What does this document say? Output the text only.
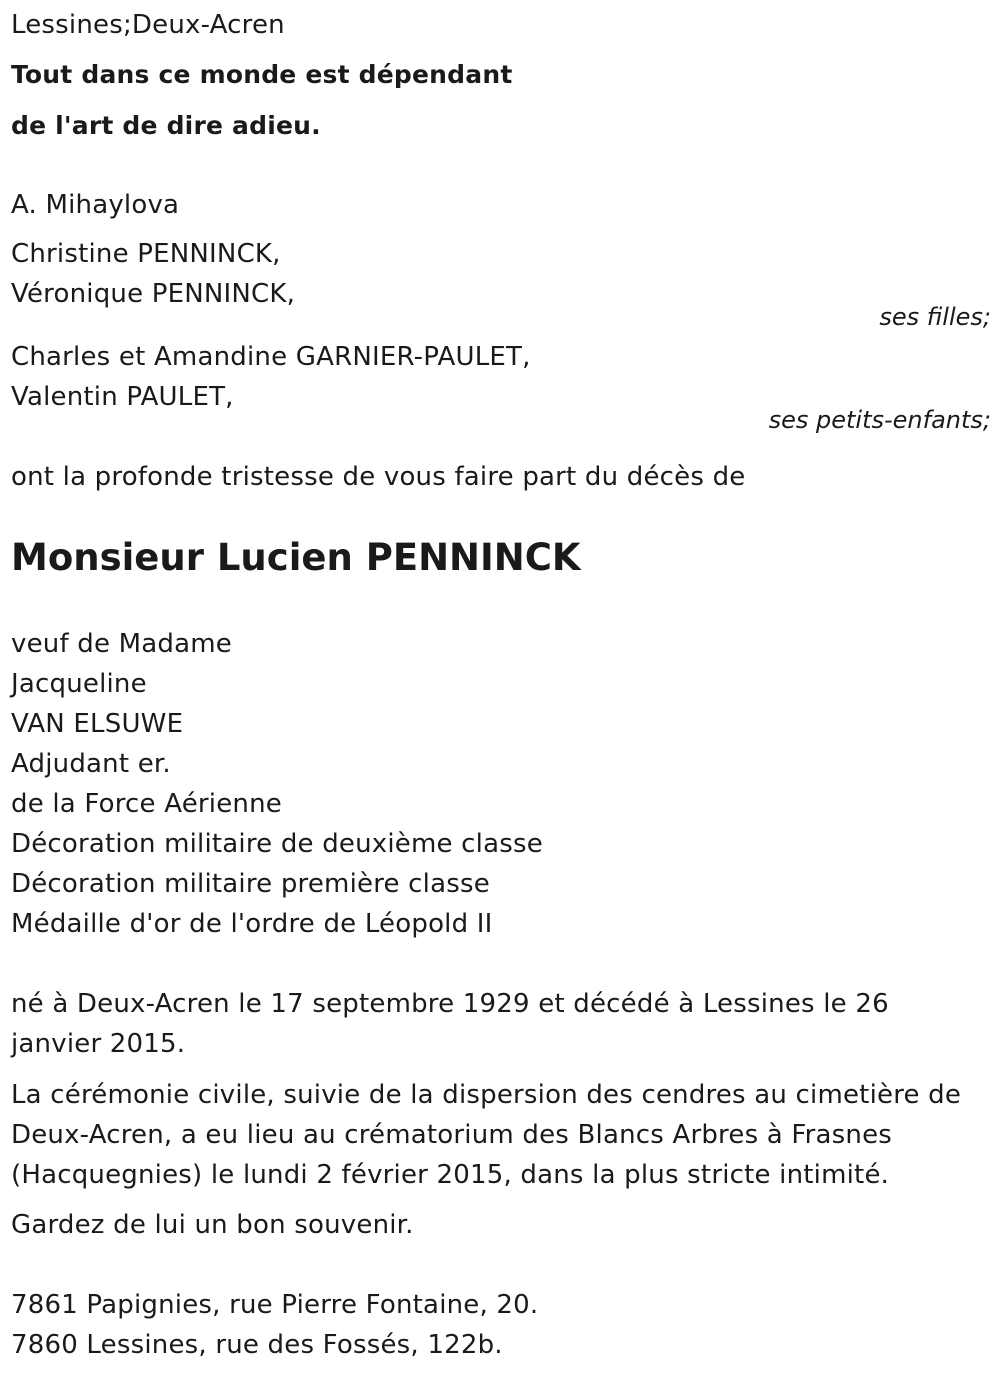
Lessines;Deux-Acren
Tout dans ce monde est dépendant
de l'art de dire adieu.
A. Mihaylova
Christine PENNINCK,
Véronique PENNINCK,
ses filles;
Charles et Amandine GARNIER-PAULET,
Valentin PAULET,
ses petits-enfants;
ont la profonde tristesse de vous faire part du décès de
Monsieur Lucien PENNINCK
veuf de Madame
Jacqueline
VAN ELSUWE
Adjudant er.
de la Force Aérienne
Décoration militaire de deuxième classe
Décoration militaire première classe
Médaille d'or de l'ordre de Léopold II
né à Deux-Acren le 17 septembre 1929 et décédé à Lessines le 26 janvier 2015.
La cérémonie civile, suivie de la dispersion des cendres au cimetière de Deux-Acren, a eu lieu au crématorium des Blancs Arbres à Frasnes (Hacquegnies) le lundi 2 février 2015, dans la plus stricte intimité.
Gardez de lui un bon souvenir.
7861 Papignies, rue Pierre Fontaine, 20.
7860 Lessines, rue des Fossés, 122b.
